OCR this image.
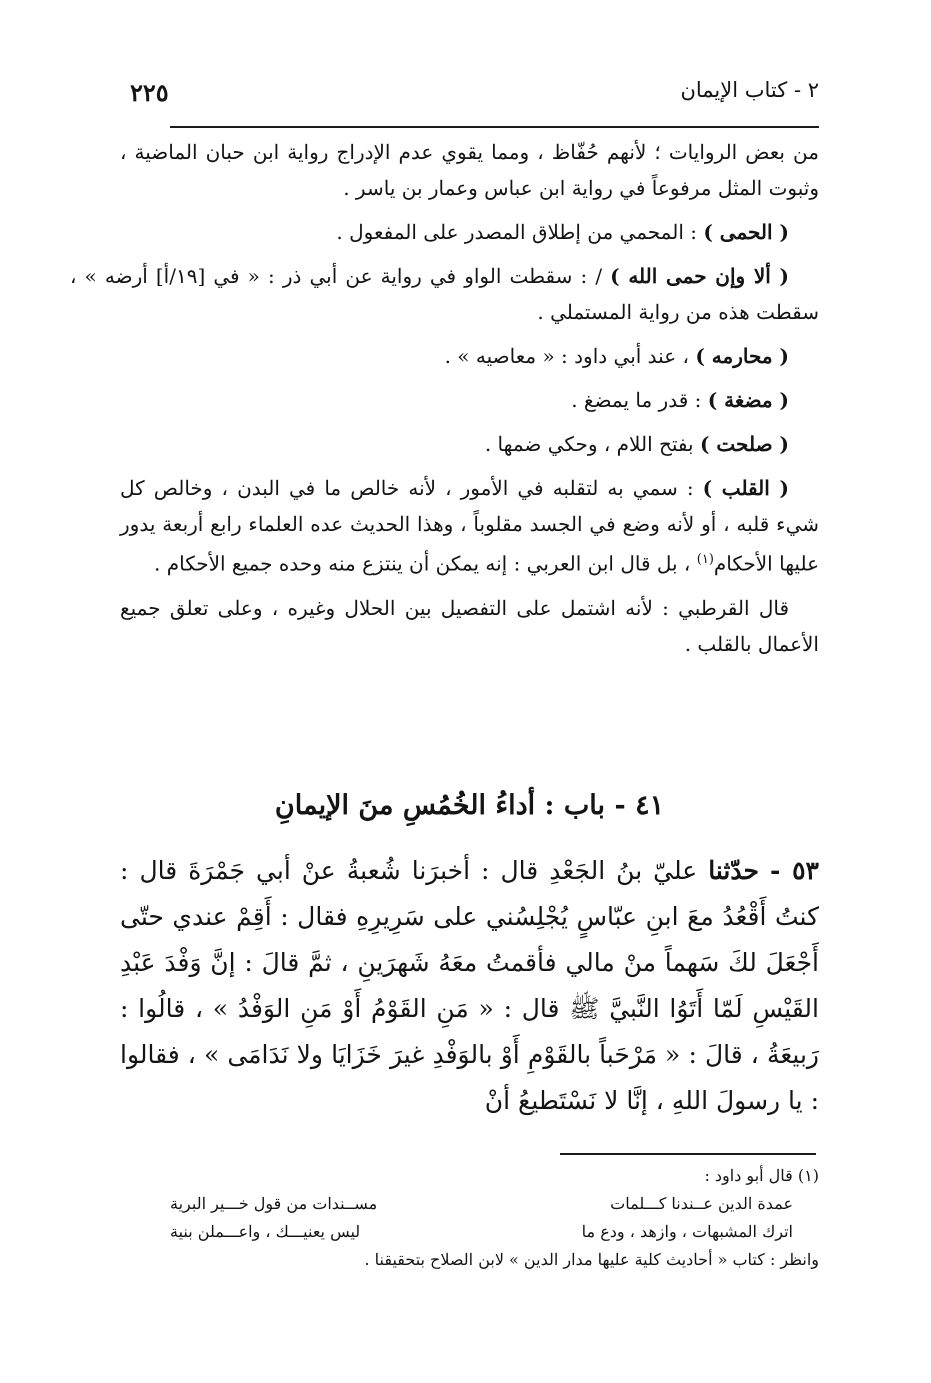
٢ - كتاب الإيمان
٢٢٥

من بعض الروايات ؛ لأنهم حُفّاظ ، ومما يقوي عدم الإدراج رواية ابن حبان الماضية ، وثبوت المثل مرفوعاً في رواية ابن عباس وعمار بن ياسر .

( الحمى ) : المحمي من إطلاق المصدر على المفعول .

( ألا وإن حمى الله ) / : سقطت الواو في رواية عن أبي ذر : « في [١٩/أ] أرضه » ، سقطت هذه من رواية المستملي .

( محارمه ) ، عند أبي داود : « معاصيه » .

( مضغة ) : قدر ما يمضغ .

( صلحت ) بفتح اللام ، وحكي ضمها .

( القلب ) : سمي به لتقلبه في الأمور ، لأنه خالص ما في البدن ، وخالص كل شيء قلبه ، أو لأنه وضع في الجسد مقلوباً ، وهذا الحديث عده العلماء رابع أربعة يدور عليها الأحكام$^{(١)}$ ، بل قال ابن العربي : إنه يمكن أن ينتزع منه وحده جميع الأحكام .

قال القرطبي : لأنه اشتمل على التفصيل بين الحلال وغيره ، وعلى تعلق جميع الأعمال بالقلب .

٤١ - باب : أداءُ الخُمُسِ منَ الإيمانِ

٥٣ - حدّثنا عليّ بنُ الجَعْدِ قال : أخبرَنا شُعبةُ عنْ أبي جَمْرَةَ قال : كنتُ أَقْعُدُ معَ ابنِ عبّاسٍ يُجْلِسُني على سَرِيرِهِ فقال : أَقِمْ عندي حتّى أَجْعَلَ لكَ سَهماً منْ مالي فأقمتُ معَهُ شَهرَينِ ، ثمَّ قالَ : إنَّ وَفْدَ عَبْدِ القَيْسِ لَمّا أَتَوُا النَّبيَّ ﷺ قال : « مَنِ القَوْمُ أَوْ مَنِ الوَفْدُ » ، قالُوا : رَبيعَةُ ، قالَ : « مَرْحَباً بالقَوْمِ أَوْ بالوَفْدِ غيرَ خَزَايَا ولا نَدَامَى » ، فقالوا : يا رسولَ اللهِ ، إنَّا لا نَسْتَطيعُ أنْ

(١) قال أبو داود :

عمدة الدين عــندنا كـــلمات
مســندات من قول خـــير البرية
اترك المشبهات ، وازهد ، ودع ما
ليس يعنيـــك ، واعـــملن بنية

وانظر : كتاب « أحاديث كلية عليها مدار الدين » لابن الصلاح بتحقيقنا .
